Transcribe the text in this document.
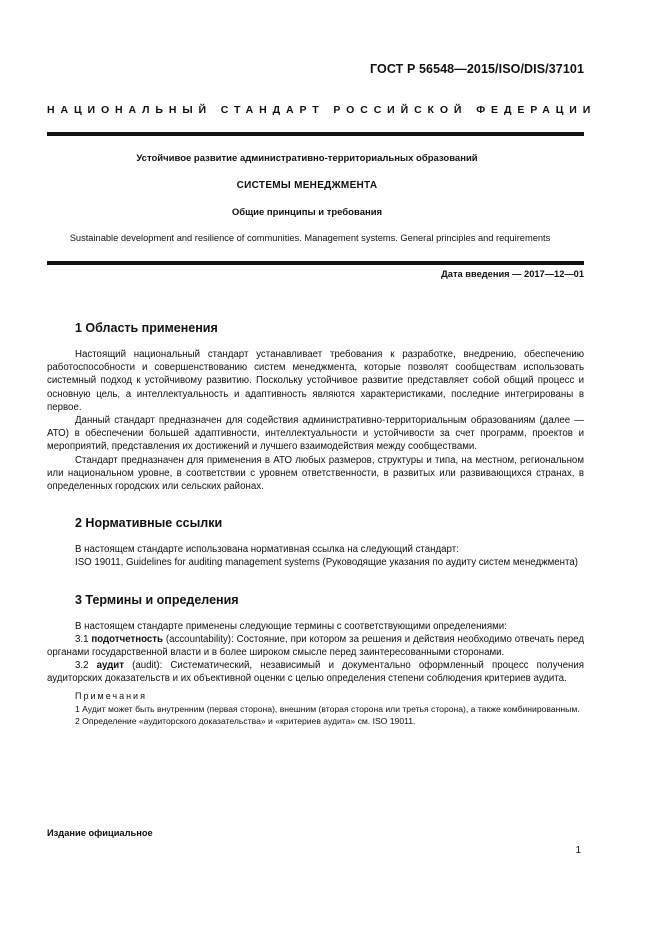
ГОСТ Р 56548—2015/ISO/DIS/37101
НАЦИОНАЛЬНЫЙ СТАНДАРТ РОССИЙСКОЙ ФЕДЕРАЦИИ
Устойчивое развитие административно-территориальных образований
СИСТЕМЫ МЕНЕДЖМЕНТА
Общие принципы и требования
Sustainable development and resilience of communities. Management systems. General principles and requirements
Дата введения — 2017—12—01
1 Область применения

Настоящий национальный стандарт устанавливает требования к разработке, внедрению, обеспечению работоспособности и совершенствованию систем менеджмента, которые позволят сообществам использовать системный подход к устойчивому развитию. Поскольку устойчивое развитие представляет собой общий процесс и основную цель, а интеллектуальность и адаптивность являются характеристиками, последние интегрированы в первое.

Данный стандарт предназначен для содействия административно-территориальным образованиям (далее — АТО) в обеспечении большей адаптивности, интеллектуальности и устойчивости за счет программ, проектов и мероприятий, представления их достижений и лучшего взаимодействия между сообществами.

Стандарт предназначен для применения в АТО любых размеров, структуры и типа, на местном, региональном или национальном уровне, в соответствии с уровнем ответственности, в развитых или развивающихся странах, в определенных городских или сельских районах.

2 Нормативные ссылки

В настоящем стандарте использована нормативная ссылка на следующий стандарт:

ISO 19011, Guidelines for auditing management systems (Руководящие указания по аудиту систем менеджмента)

3 Термины и определения

В настоящем стандарте применены следующие термины с соответствующими определениями:

3.1 подотчетность (accountability): Состояние, при котором за решения и действия необходимо отвечать перед органами государственной власти и в более широком смысле перед заинтересованными сторонами.

3.2 аудит (audit): Систематический, независимый и документально оформленный процесс получения аудиторских доказательств и их объективной оценки с целью определения степени соблюдения критериев аудита.

Примечания

1 Аудит может быть внутренним (первая сторона), внешним (вторая сторона или третья сторона), а также комбинированным.

2 Определение «аудиторского доказательства» и «критериев аудита» см. ISO 19011.

Издание официальное
1
